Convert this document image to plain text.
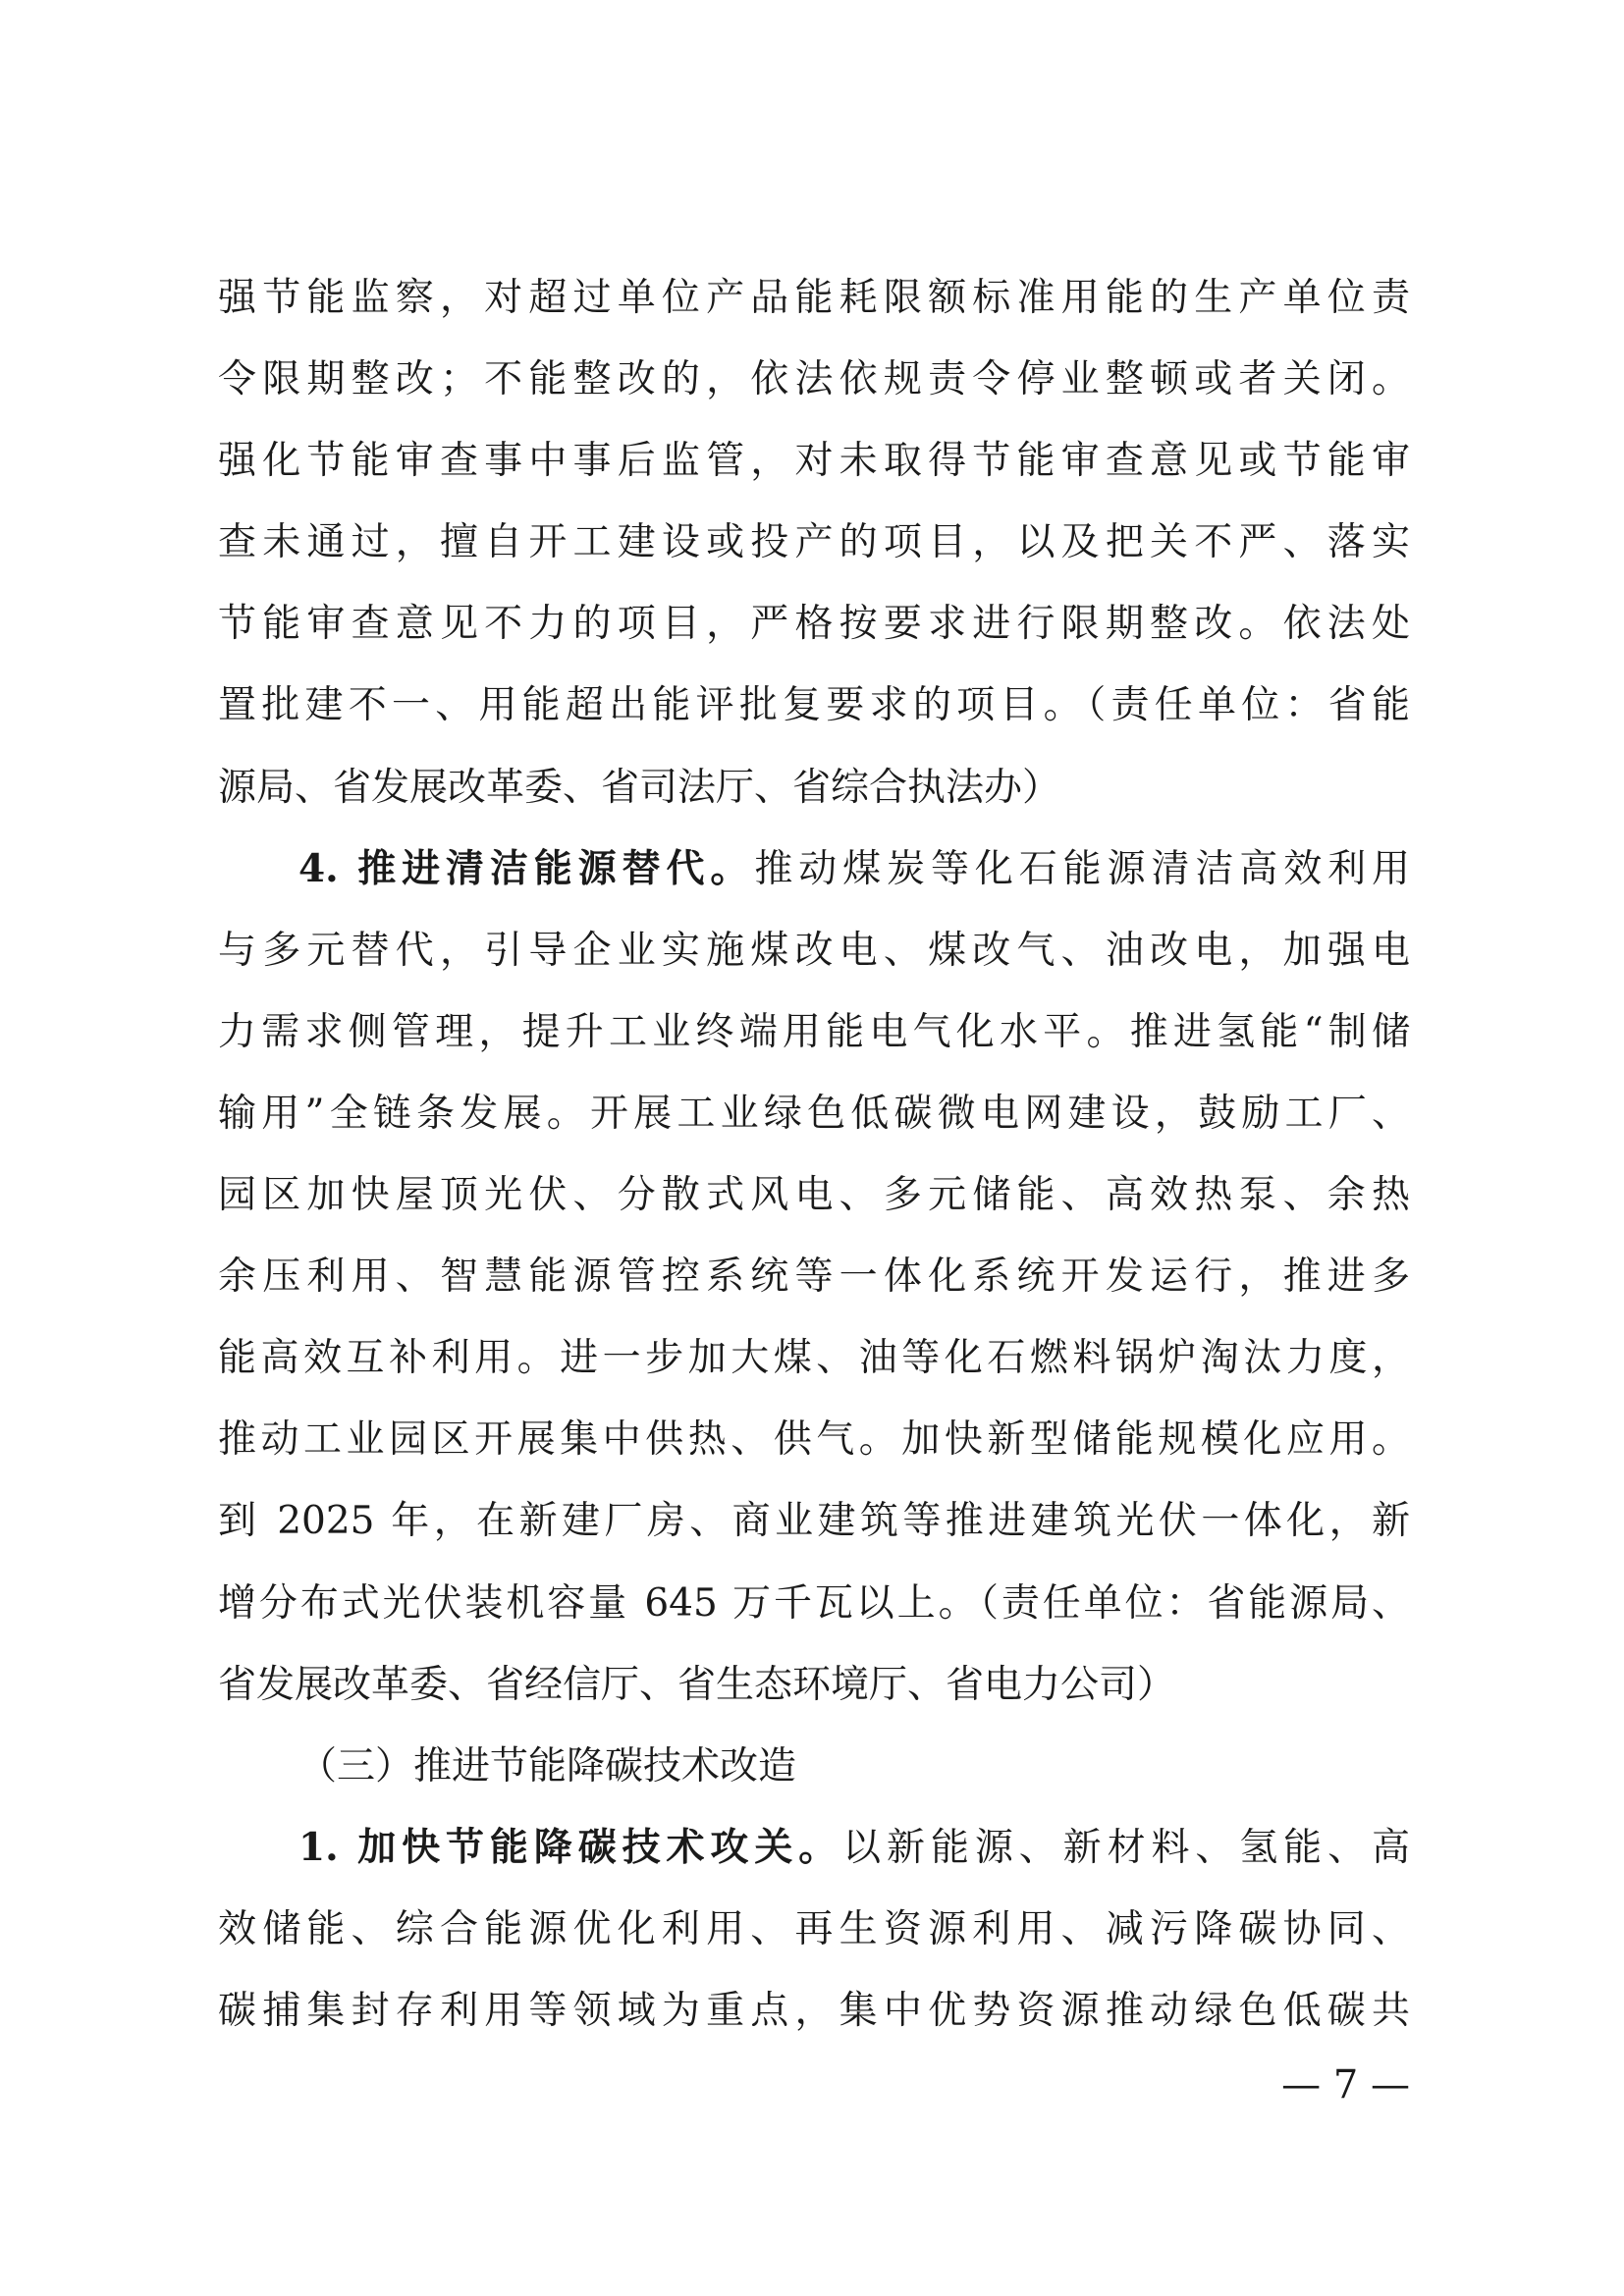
强节能监察，对超过单位产品能耗限额标准用能的生产单位责
令限期整改；不能整改的，依法依规责令停业整顿或者关闭。
强化节能审查事中事后监管，对未取得节能审查意见或节能审
查未通过，擅自开工建设或投产的项目，以及把关不严、落实
节能审查意见不力的项目，严格按要求进行限期整改。依法处
置批建不一、用能超出能评批复要求的项目。（责任单位：省能
源局、省发展改革委、省司法厅、省综合执法办）
4. 推进清洁能源替代。推动煤炭等化石能源清洁高效利用
与多元替代，引导企业实施煤改电、煤改气、油改电，加强电
力需求侧管理，提升工业终端用能电气化水平。推进氢能“制储
输用”全链条发展。开展工业绿色低碳微电网建设，鼓励工厂、
园区加快屋顶光伏、分散式风电、多元储能、高效热泵、余热
余压利用、智慧能源管控系统等一体化系统开发运行，推进多
能高效互补利用。进一步加大煤、油等化石燃料锅炉淘汰力度，
推动工业园区开展集中供热、供气。加快新型储能规模化应用。
到 2025 年，在新建厂房、商业建筑等推进建筑光伏一体化，新
增分布式光伏装机容量 645 万千瓦以上。（责任单位：省能源局、
省发展改革委、省经信厅、省生态环境厅、省电力公司）
（三）推进节能降碳技术改造
1. 加快节能降碳技术攻关。以新能源、新材料、氢能、高
效储能、综合能源优化利用、再生资源利用、减污降碳协同、
碳捕集封存利用等领域为重点，集中优势资源推动绿色低碳共
— 7 —
